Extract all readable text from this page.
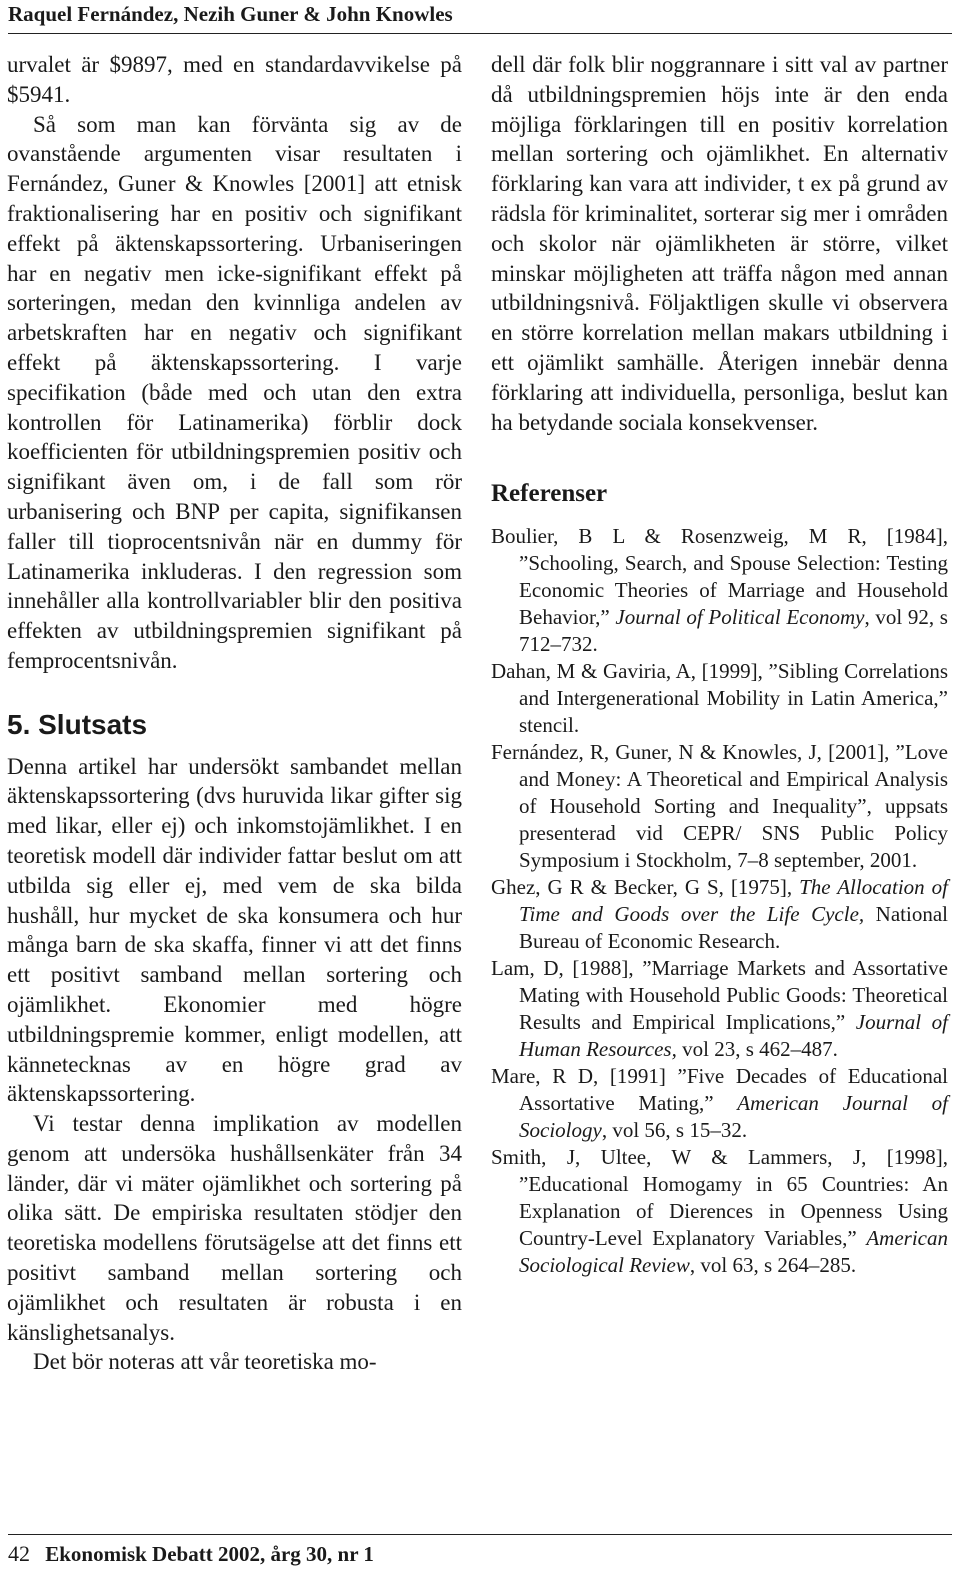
Raquel Fernández, Nezih Guner & John Knowles

urvalet är $9897, med en standardavvikelse på $5941.

Så som man kan förvänta sig av de ovanstående argumenten visar resultaten i Fernández, Guner & Knowles [2001] att etnisk fraktionalisering har en positiv och signifikant effekt på äktenskapssortering. Urbaniseringen har en negativ men icke-signifikant effekt på sorteringen, medan den kvinnliga andelen av arbetskraften har en negativ och signifikant effekt på äktenskapssortering. I varje specifikation (både med och utan den extra kontrollen för Latinamerika) förblir dock koefficienten för utbildningspremien positiv och signifikant även om, i de fall som rör urbanisering och BNP per capita, signifikansen faller till tioprocentsnivån när en dummy för Latinamerika inkluderas. I den regression som innehåller alla kontrollvariabler blir den positiva effekten av utbildningspremien signifikant på femprocentsnivån.

5. Slutsats

Denna artikel har undersökt sambandet mellan äktenskapssortering (dvs huruvida likar gifter sig med likar, eller ej) och inkomstojämlikhet. I en teoretisk modell där individer fattar beslut om att utbilda sig eller ej, med vem de ska bilda hushåll, hur mycket de ska konsumera och hur många barn de ska skaffa, finner vi att det finns ett positivt samband mellan sortering och ojämlikhet. Ekonomier med högre utbildningspremie kommer, enligt modellen, att kännetecknas av en högre grad av äktenskapssortering.

Vi testar denna implikation av modellen genom att undersöka hushållsenkäter från 34 länder, där vi mäter ojämlikhet och sortering på olika sätt. De empiriska resultaten stödjer den teoretiska modellens förutsägelse att det finns ett positivt samband mellan sortering och ojämlikhet och resultaten är robusta i en känslighetsanalys.

Det bör noteras att vår teoretiska mo-

dell där folk blir noggrannare i sitt val av partner då utbildningspremien höjs inte är den enda möjliga förklaringen till en positiv korrelation mellan sortering och ojämlikhet. En alternativ förklaring kan vara att individer, t ex på grund av rädsla för kriminalitet, sorterar sig mer i områden och skolor när ojämlikheten är större, vilket minskar möjligheten att träffa någon med annan utbildningsnivå. Följaktligen skulle vi observera en större korrelation mellan makars utbildning i ett ojämlikt samhälle. Återigen innebär denna förklaring att individuella, personliga, beslut kan ha betydande sociala konsekvenser.

Referenser

Boulier, B L & Rosenzweig, M R, [1984], ”Schooling, Search, and Spouse Selection: Testing Economic Theories of Marriage and Household Behavior,” Journal of Political Economy, vol 92, s 712–732.

Dahan, M & Gaviria, A, [1999], ”Sibling Correlations and Intergenerational Mobility in Latin America,” stencil.

Fernández, R, Guner, N & Knowles, J, [2001], ”Love and Money: A Theoretical and Empirical Analysis of Household Sorting and Inequality”, uppsats presenterad vid CEPR/ SNS Public Policy Symposium i Stockholm, 7–8 september, 2001.

Ghez, G R & Becker, G S, [1975], The Allocation of Time and Goods over the Life Cycle, National Bureau of Economic Research.

Lam, D, [1988], ”Marriage Markets and Assortative Mating with Household Public Goods: Theoretical Results and Empirical Implications,” Journal of Human Resources, vol 23, s 462–487.

Mare, R D, [1991] ”Five Decades of Educational Assortative Mating,” American Journal of Sociology, vol 56, s 15–32.

Smith, J, Ultee, W & Lammers, J, [1998], ”Educational Homogamy in 65 Countries: An Explanation of Dierences in Openness Using Country-Level Explanatory Variables,” American Sociological Review, vol 63, s 264–285.

42 Ekonomisk Debatt 2002, årg 30, nr 1
